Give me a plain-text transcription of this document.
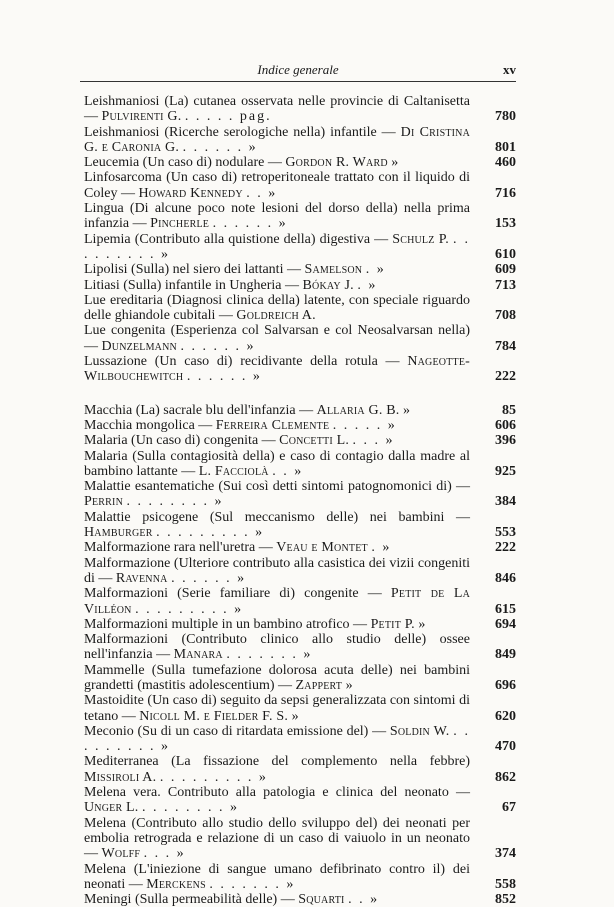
Indice generale	xv
Leishmaniosi (La) cutanea osservata nelle provincie di Caltanisetta — Pulvirenti G. . . . . . pag.	780
Leishmaniosi (Ricerche serologiche nella) infantile — Di Cristina G. e Caronia G. . . . . . . »	801
Leucemia (Un caso di) nodulare — Gordon R. Ward »	460
Linfosarcoma (Un caso di) retroperitoneale trattato con il liquido di Coley — Howard Kennedy . . »	716
Lingua (Di alcune poco note lesioni del dorso della) nella prima infanzia — Pincherle . . . . . . »	153
Lipemia (Contributo alla quistione della) digestiva — Schulz P. . . . . . . . . . »	610
Lipolisi (Sulla) nel siero dei lattanti — Samelson . »	609
Litiasi (Sulla) infantile in Ungheria — Bókay J. . »	713
Lue ereditaria (Diagnosi clinica della) latente, con speciale riguardo delle ghiandole cubitali — Goldreich A.	708
Lue congenita (Esperienza col Salvarsan e col Neosalvarsan nella) — Dunzelmann . . . . . . »	784
Lussazione (Un caso di) recidivante della rotula — Nageotte-Wilbouchewitch . . . . . . »	222
Macchia (La) sacrale blu dell'infanzia — Allaria G. B. »	85
Macchia mongolica — Ferreira Clemente . . . . . »	606
Malaria (Un caso di) congenita — Concetti L. . . . »	396
Malaria (Sulla contagiosità della) e caso di contagio dalla madre al bambino lattante — L. Facciolà . . »	925
Malattie esantematiche (Sui così detti sintomi patognomonici di) — Perrin . . . . . . . . »	384
Malattie psicogene (Sul meccanismo delle) nei bambini — Hamburger . . . . . . . . . »	553
Malformazione rara nell'uretra — Veau e Montet . »	222
Malformazione (Ulteriore contributo alla casistica dei vizii congeniti di — Ravenna . . . . . . »	846
Malformazioni (Serie familiare di) congenite — Petit de La Villéon . . . . . . . . . »	615
Malformazioni multiple in un bambino atrofico — Petit P. »	694
Malformazioni (Contributo clinico allo studio delle) ossee nell'infanzia — Manara . . . . . . . »	849
Mammelle (Sulla tumefazione dolorosa acuta delle) nei bambini grandetti (mastitis adolescentium) — Zappert »	696
Mastoidite (Un caso di) seguito da sepsi generalizzata con sintomi di tetano — Nicoll M. e Fielder F. S. »	620
Meconio (Su di un caso di ritardata emissione del) — Soldin W. . . . . . . . . . »	470
Mediterranea (La fissazione del complemento nella febbre) Missiroli A. . . . . . . . . . »	862
Melena vera. Contributo alla patologia e clinica del neonato — Unger L. . . . . . . . . »	67
Melena (Contributo allo studio dello sviluppo del) dei neonati per embolia retrograda e relazione di un caso di vaiuolo in un neonato — Wolff . . . »	374
Melena (L'iniezione di sangue umano defibrinato contro il) dei neonati — Merckens . . . . . . . »	558
Meningi (Sulla permeabilità delle) — Squarti . . »	852
